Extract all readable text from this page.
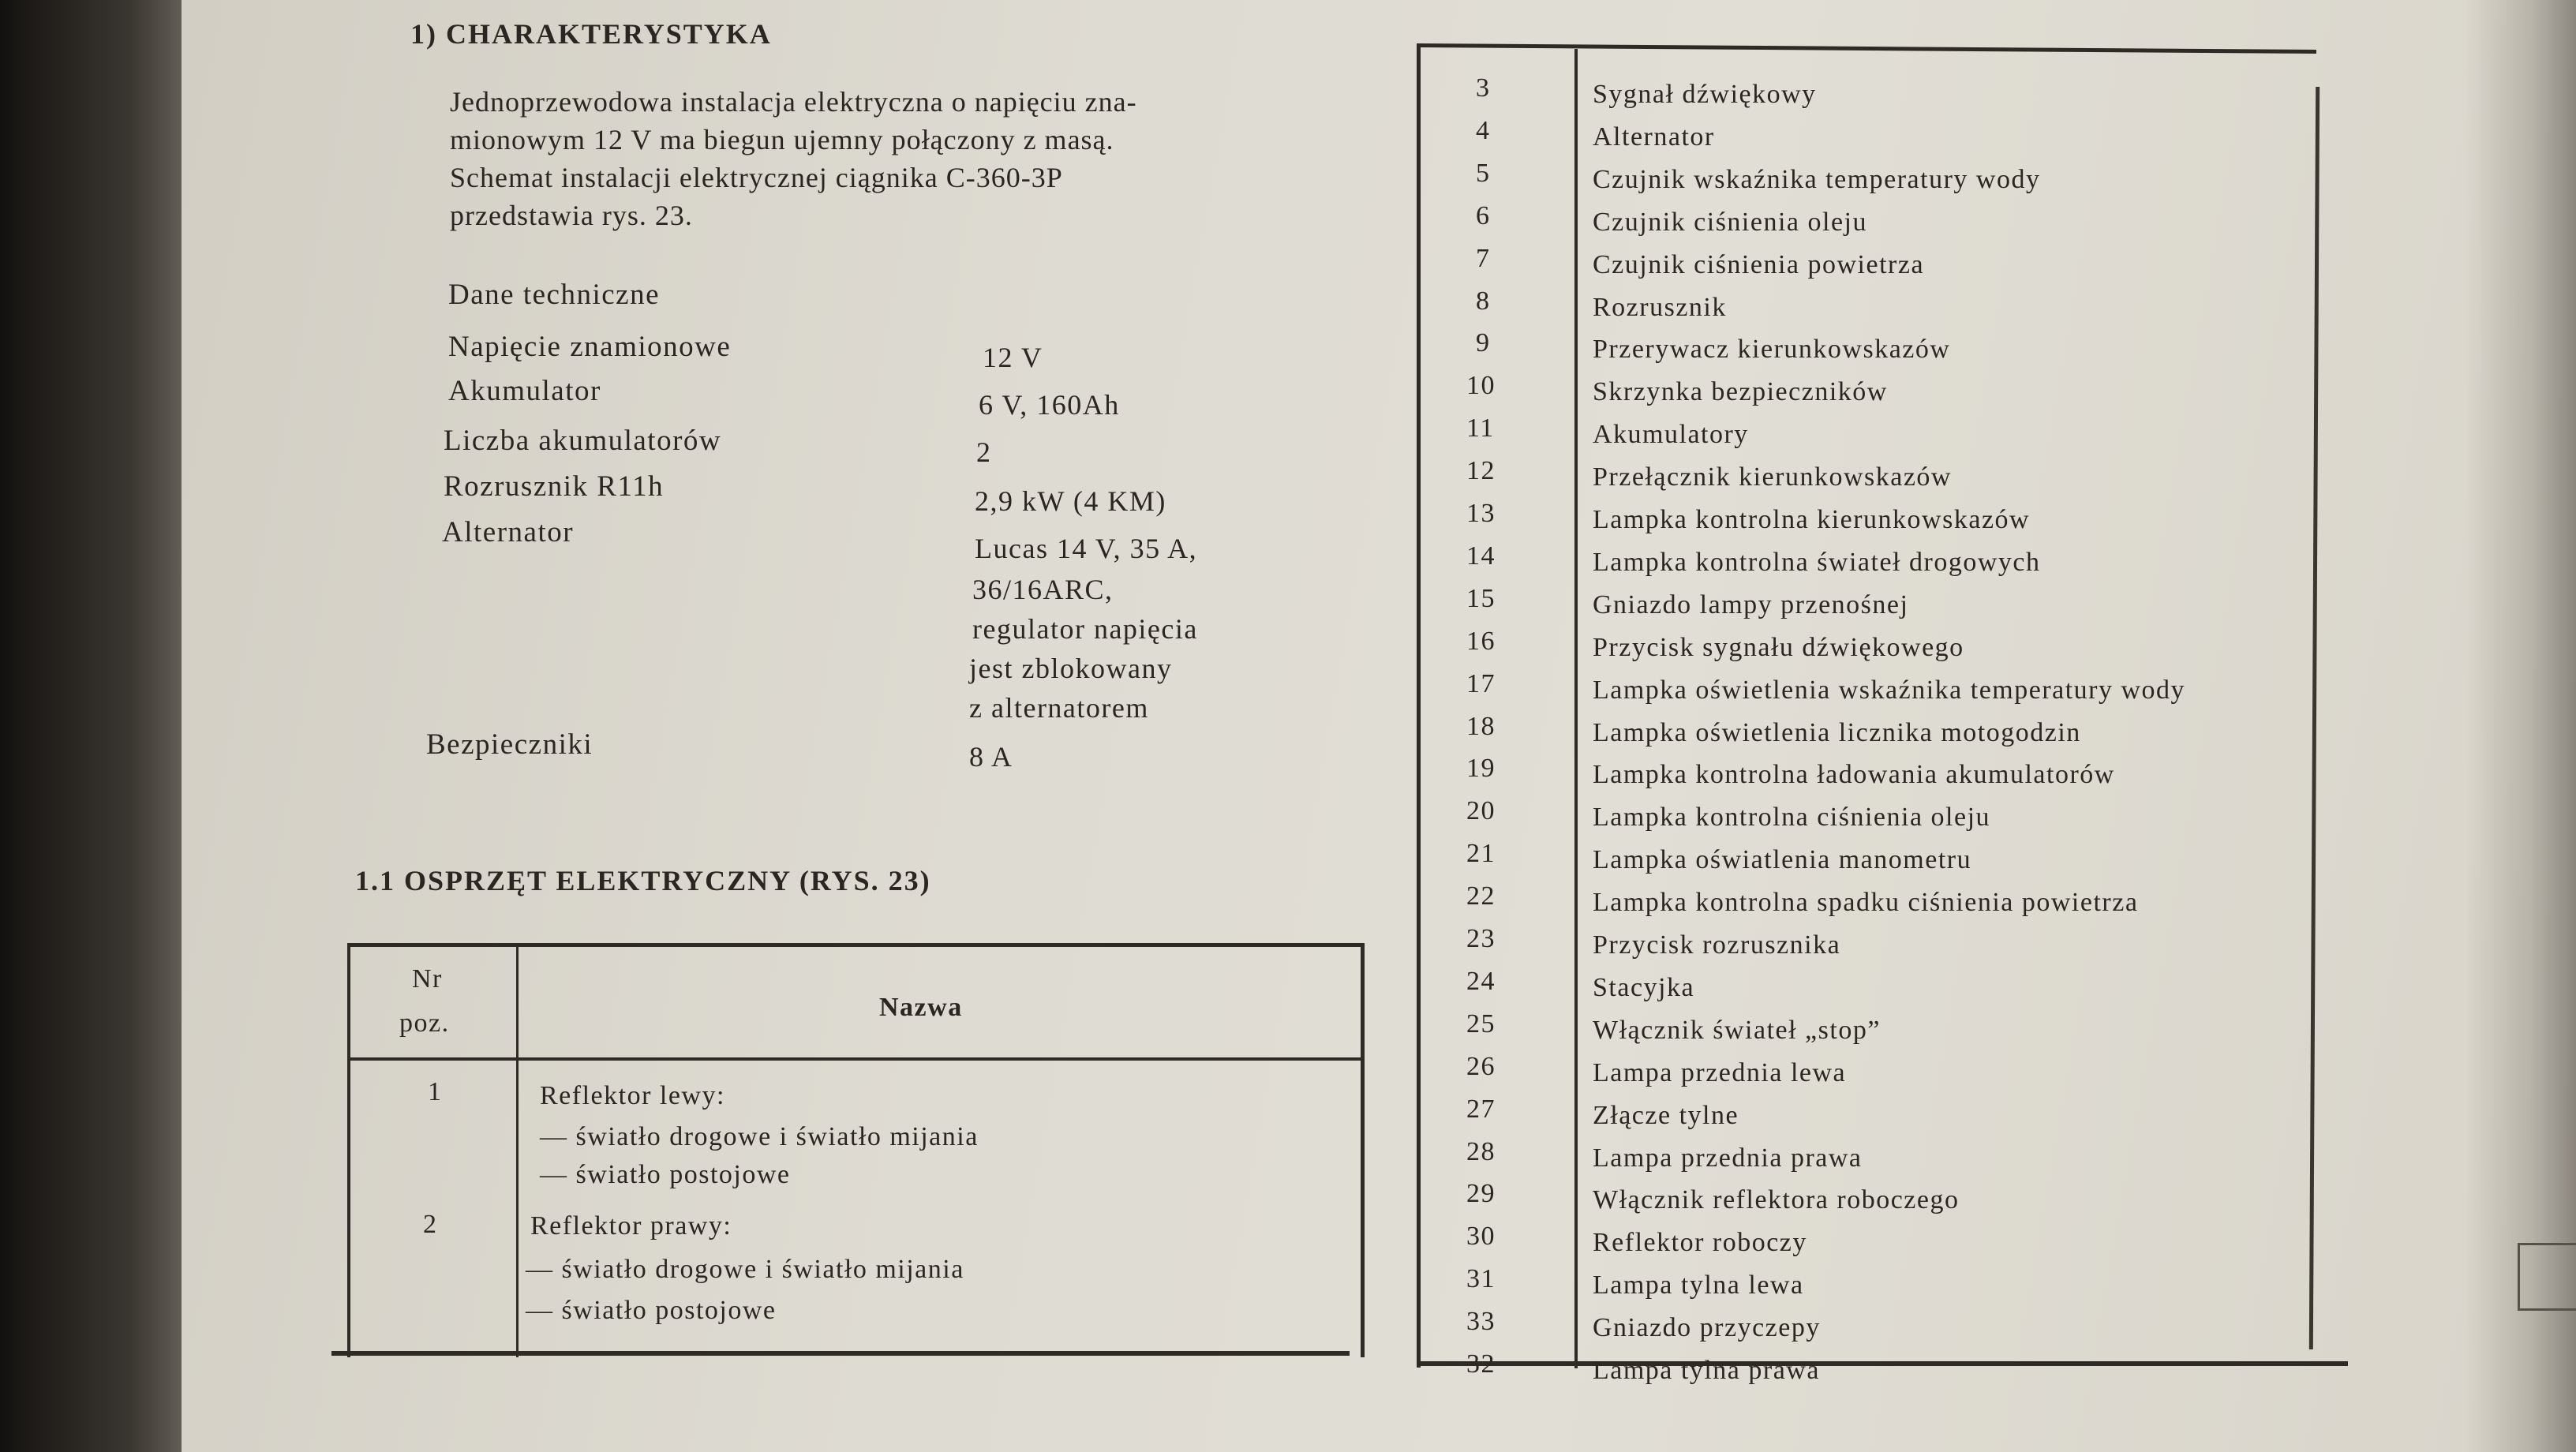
1) CHARAKTERYSTYKA
Jednoprzewodowa instalacja elektryczna o napięciu zna-
mionowym 12 V ma biegun ujemny połączony z masą.
Schemat instalacji elektrycznej ciągnika C-360-3P
przedstawia rys. 23.
Dane techniczne
Napięcie znamionowe	12 V
Akumulator	6 V, 160Ah
Liczba akumulatorów	2
Rozrusznik R11h	2,9 kW (4 KM)
Alternator	Lucas 14 V, 35 A,
36/16ARC,
regulator napięcia
jest zblokowany
z alternatorem
Bezpieczniki	8 A
1.1 OSPRZĘT ELEKTRYCZNY (RYS. 23)
Nr
poz.
Nazwa
1	Reflektor lewy:
— światło drogowe i światło mijania
— światło postojowe
2	Reflektor prawy:
— światło drogowe i światło mijania
— światło postojowe
3	Sygnał dźwiękowy
4	Alternator
5	Czujnik wskaźnika temperatury wody
6	Czujnik ciśnienia oleju
7	Czujnik ciśnienia powietrza
8	Rozrusznik
9	Przerywacz kierunkowskazów
10	Skrzynka bezpieczników
11	Akumulatory
12	Przełącznik kierunkowskazów
13	Lampka kontrolna kierunkowskazów
14	Lampka kontrolna świateł drogowych
15	Gniazdo lampy przenośnej
16	Przycisk sygnału dźwiękowego
17	Lampka oświetlenia wskaźnika temperatury wody
18	Lampka oświetlenia licznika motogodzin
19	Lampka kontrolna ładowania akumulatorów
20	Lampka kontrolna ciśnienia oleju
21	Lampka oświatlenia manometru
22	Lampka kontrolna spadku ciśnienia powietrza
23	Przycisk rozrusznika
24	Stacyjka
25	Włącznik świateł „stop”
26	Lampa przednia lewa
27	Złącze tylne
28	Lampa przednia prawa
29	Włącznik reflektora roboczego
30	Reflektor roboczy
31	Lampa tylna lewa
33	Gniazdo przyczepy
32	Lampa tylna prawa
